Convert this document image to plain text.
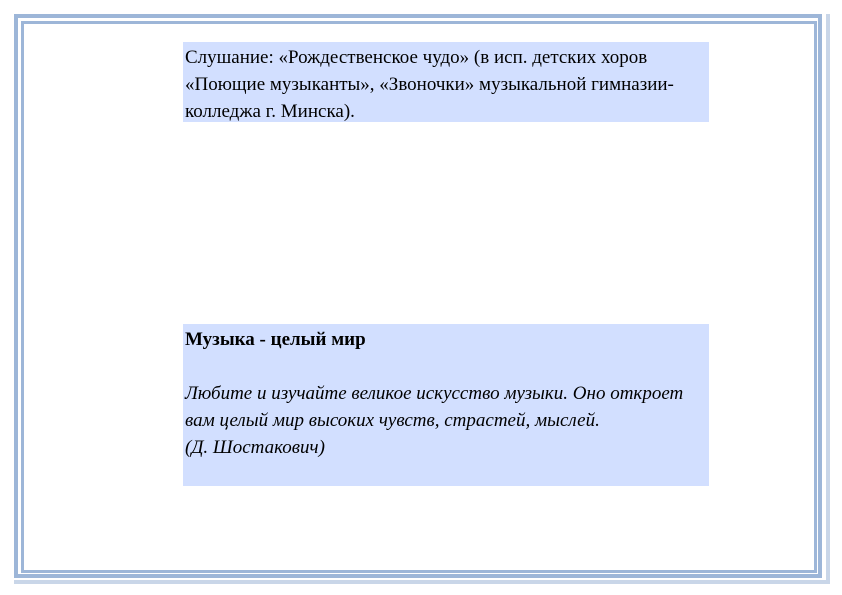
Слушание: «Рождественское чудо» (в исп. детских хоров «Поющие музыканты», «Звоночки» музыкальной гимназии-колледжа г. Минска).
Музыка - целый мир
Любите и изучайте великое искусство музыки. Оно откроет вам целый мир высоких чувств, страстей, мыслей.
(Д. Шостакович)
